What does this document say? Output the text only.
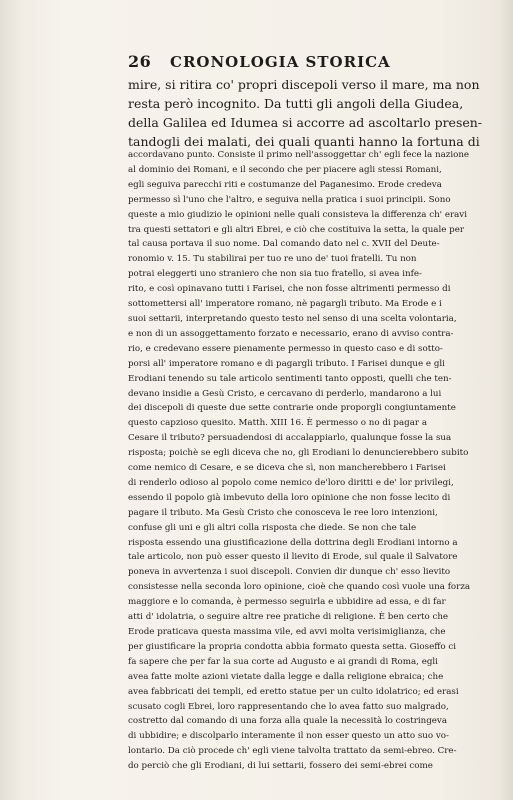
26 CRONOLOGIA STORICA

mire, si ritira co' propri discepoli verso il mare, ma non
resta però incognito. Da tutti gli angoli della Giudea,
della Galilea ed Idumea si accorre ad ascoltarlo presen-
tandogli dei malati, dei quali quanti hanno la fortuna di

accordavano punto. Consiste il primo nell'assoggettar ch' egli fece la nazione
al dominio dei Romani, e il secondo che per piacere agli stessi Romani,
egli seguiva parecchi riti e costumanze del Paganesimo. Erode credeva
permesso sì l'uno che l'altro, e seguiva nella pratica i suoi principii. Sono
queste a mio giudizio le opinioni nelle quali consisteva la differenza ch' eravi
tra questi settatori e gli altri Ebrei, e ciò che costituiva la setta, la quale per
tal causa portava il suo nome. Dal comando dato nel c. XVII del Deute-
ronomio v. 15. Tu stabilirai per tuo re uno de' tuoi fratelli. Tu non
potrai eleggerti uno straniero che non sia tuo fratello, si avea infe-
rito, e così opinavano tutti i Farisei, che non fosse altrimenti permesso di
sottomettersi all' imperatore romano, nè pagargli tributo. Ma Erode e i
suoi settarii, interpretando questo testo nel senso di una scelta volontaria,
e non di un assoggettamento forzato e necessario, erano di avviso contra-
rio, e credevano essere pienamente permesso in questo caso e di sotto-
porsi all' imperatore romano e di pagargli tributo. I Farisei dunque e gli
Erodiani tenendo su tale articolo sentimenti tanto opposti, quelli che ten-
devano insidie a Gesù Cristo, e cercavano di perderlo, mandarono a lui
dei discepoli di queste due sette contrarie onde proporgli congiuntamente
questo capzioso quesito. Matth. XIII 16. È permesso o no di pagar a
Cesare il tributo? persuadendosi di accalappiarlo, qualunque fosse la sua
risposta; poichè se egli diceva che no, gli Erodiani lo denuncierebbero subito
come nemico di Cesare, e se diceva che sì, non mancherebbero i Farisei
di renderlo odioso al popolo come nemico de'loro diritti e de' lor privilegi,
essendo il popolo già imbevuto della loro opinione che non fosse lecito di
pagare il tributo. Ma Gesù Cristo che conosceva le ree loro intenzioni,
confuse gli uni e gli altri colla risposta che diede. Se non che tale
risposta essendo una giustificazione della dottrina degli Erodiani intorno a
tale articolo, non può esser questo il lievito di Erode, sul quale il Salvatore
poneva in avvertenza i suoi discepoli. Convien dir dunque ch' esso lievito
consistesse nella seconda loro opinione, cioè che quando così vuole una forza
maggiore e lo comanda, è permesso seguirla e ubbidire ad essa, e di far
atti d' idolatria, o seguire altre ree pratiche di religione. È ben certo che
Erode praticava questa massima vile, ed avvi molta verisimiglianza, che
per giustificare la propria condotta abbia formato questa setta. Gioseffo ci
fa sapere che per far la sua corte ad Augusto e ai grandi di Roma, egli
avea fatte molte azioni vietate dalla legge e dalla religione ebraica; che
avea fabbricati dei templi, ed eretto statue per un culto idolatrico; ed erasi
scusato cogli Ebrei, loro rappresentando che lo avea fatto suo malgrado,
costretto dal comando di una forza alla quale la necessità lo costringeva
di ubbidire; e discolparlo interamente il non esser questo un atto suo vo-
lontario. Da ciò procede ch' egli viene talvolta trattato da semi-ebreo. Cre-
do perciò che gli Erodiani, di lui settarii, fossero dei semi-ebrei come
